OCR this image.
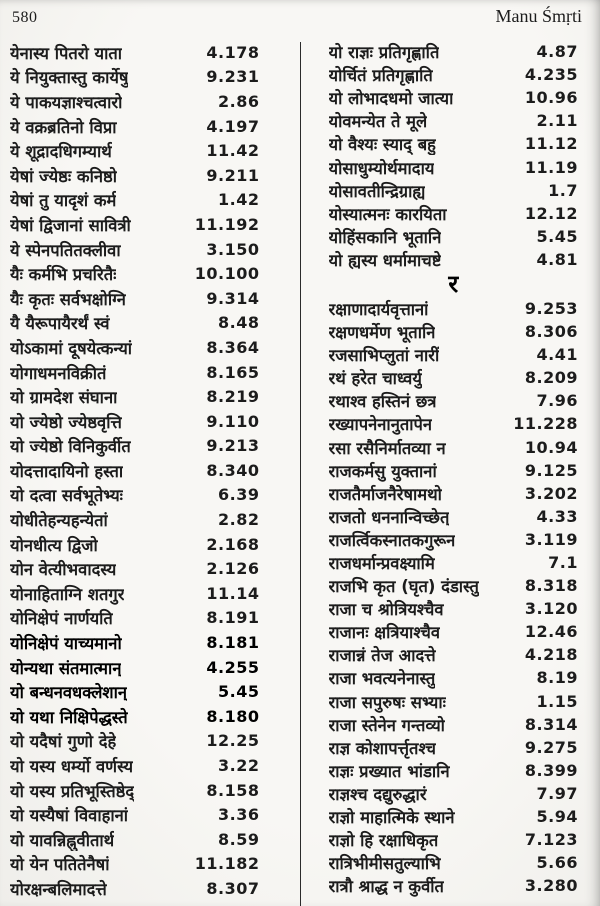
580	Manu Śmṛti
येनास्य पितरो याता	4.178
ये नियुक्तास्तु कार्येषु	9.231
ये पाकयज्ञाश्चत्वारो	2.86
ये वक्रब्रतिनो विप्रा	4.197
ये शूद्रादधिगम्यार्थ	11.42
येषां ज्येष्ठः कनिष्ठो	9.211
येषां तु यादृशं कर्म	1.42
येषां द्विजानां सावित्री	11.192
ये स्पेनपतितक्लीवा	3.150
यैः कर्मभि प्रचरितैः	10.100
यैः कृतः सर्वभक्षोग्नि	9.314
यै यैरूपायैरर्थं स्वं	8.48
योऽकामां दूषयेत्कन्यां	8.364
योगाधमनविक्रीतं	8.165
यो ग्रामदेश संघाना	8.219
यो ज्येष्ठो ज्येष्ठवृत्ति	9.110
यो ज्येष्ठो विनिकुर्वीत	9.213
योदत्तादायिनो हस्ता	8.340
यो दत्वा सर्वभूतेभ्यः	6.39
योधीतेहन्यहन्येतां	2.82
योनधीत्य द्विजो	2.168
योन वेत्यीभवादस्य	2.126
योनाहिताग्नि शतगुर	11.14
योनिक्षेपं नार्णयति	8.191
योनिक्षेपं याच्यमानो	8.181
योन्यथा संतमात्मान्	4.255
यो बन्धनवधक्लेशान्	5.45
यो यथा निक्षिपेद्धस्ते	8.180
यो यदैषां गुणो देहे	12.25
यो यस्य धर्म्यो वर्णस्य	3.22
यो यस्य प्रतिभूस्तिष्ठेद्	8.158
यो यस्यैषां विवाहानां	3.36
यो यावन्निह्नुवीतार्थ	8.59
यो येन पतितेनैषां	11.182
योरक्षन्बलिमादत्ते	8.307
यो राज्ञः प्रतिगृह्णाति	4.87
योर्चितं प्रतिगृह्णाति	4.235
यो लोभादधमो जात्या	10.96
योवमन्येत ते मूले	2.11
यो वैश्यः स्याद् बहु	11.12
योसाधुम्योर्थमादाय	11.19
योसावतीन्द्रिग्राह्य	1.7
योस्यात्मनः कारयिता	12.12
योहिंसकानि भूतानि	5.45
यो ह्यस्य धर्मामाचष्टे	4.81
र
रक्षाणादार्यवृत्तानां	9.253
रक्षणधर्मेण भूतानि	8.306
रजसाभिप्लुतां नारीं	4.41
रथं हरेत चाध्वर्यु	8.209
रथाश्व हस्तिनं छत्र	7.96
रख्यापनेनानुतापेन	11.228
रसा रसैनिर्मातव्या न	10.94
राजकर्मसु युक्तानां	9.125
राजतैर्माजनैरेषामथो	3.202
राजतो धननान्विच्छेत्	4.33
राजर्त्विकस्नातकगुरून	3.119
राजधर्मान्प्रवक्ष्यामि	7.1
राजभि कृत (घृत) दंडास्तु	8.318
राजा च श्रोत्रियश्चैव	3.120
राजानः क्षत्रियाश्चैव	12.46
राजान्नं तेज आदत्ते	4.218
राजा भवत्यनेनास्तु	8.19
राजा सपुरुषः सभ्याः	1.15
राजा स्तेनेन गन्तव्यो	8.314
राज्ञ कोशापर्त्तृतश्च	9.275
राज्ञः प्रख्यात भांडानि	8.399
राज्ञश्च दद्युरुद्धारं	7.97
राज्ञो माहात्मिके स्थाने	5.94
राज्ञो हि रक्षाधिकृत	7.123
रात्रिभीमीसतुल्याभि	5.66
रात्रौ श्राद्ध न कुर्वीत	3.280
